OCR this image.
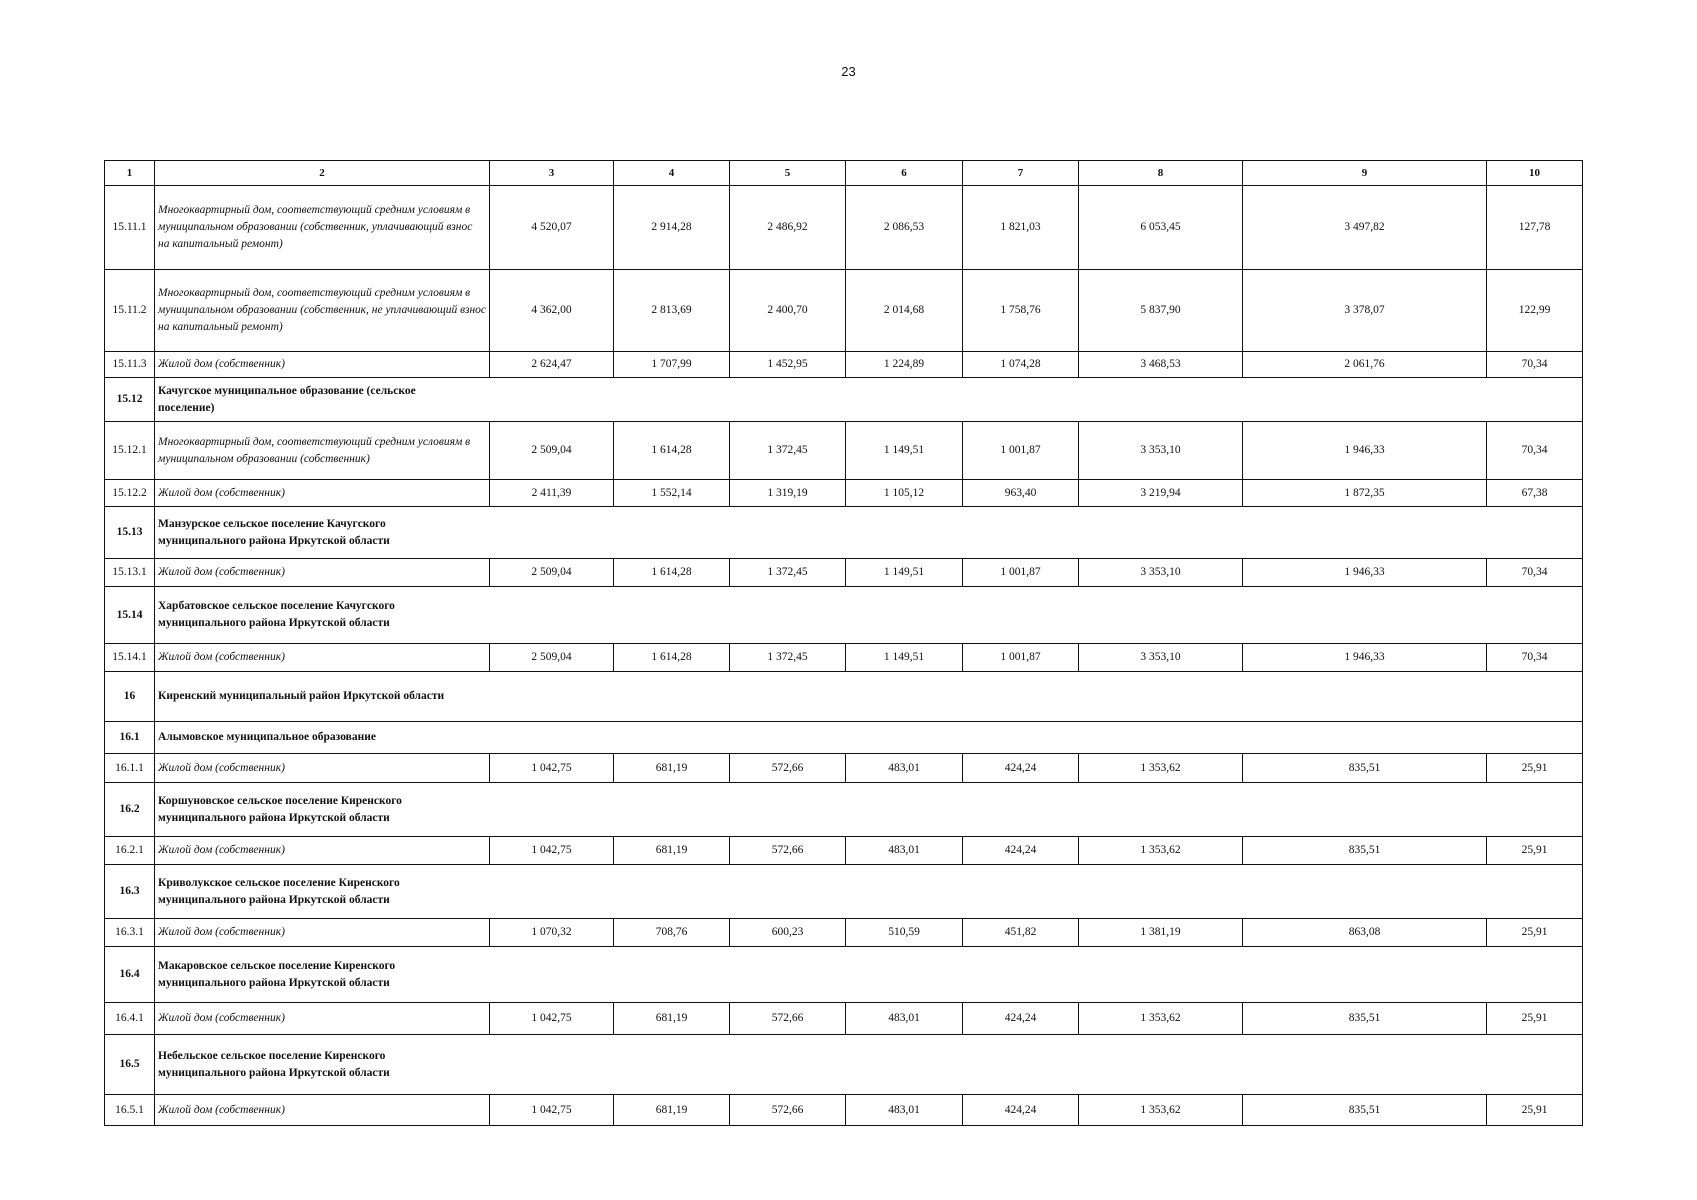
23
1	2	3	4	5	6	7	8	9	10
15.11.1	Многоквартирный дом, соответствующий средним условиям в муниципальном образовании (собственник, уплачивающий взнос на капитальный ремонт)	4 520,07	2 914,28	2 486,92	2 086,53	1 821,03	6 053,45	3 497,82	127,78
15.11.2	Многоквартирный дом, соответствующий средним условиям в муниципальном образовании (собственник, не уплачивающий взнос на капитальный ремонт)	4 362,00	2 813,69	2 400,70	2 014,68	1 758,76	5 837,90	3 378,07	122,99
15.11.3	Жилой дом (собственник)	2 624,47	1 707,99	1 452,95	1 224,89	1 074,28	3 468,53	2 061,76	70,34
15.12	Качугское муниципальное образование (сельское поселение)								

15.12.1	Многоквартирный дом, соответствующий средним условиям в муниципальном образовании (собственник)	2 509,04	1 614,28	1 372,45	1 149,51	1 001,87	3 353,10	1 946,33	70,34
15.12.2	Жилой дом (собственник)	2 411,39	1 552,14	1 319,19	1 105,12	963,40	3 219,94	1 872,35	67,38
15.13	Манзурское сельское поселение Качугского муниципального района Иркутской области								

15.13.1	Жилой дом (собственник)	2 509,04	1 614,28	1 372,45	1 149,51	1 001,87	3 353,10	1 946,33	70,34
15.14	Харбатовское сельское поселение Качугского муниципального района Иркутской области								

15.14.1	Жилой дом (собственник)	2 509,04	1 614,28	1 372,45	1 149,51	1 001,87	3 353,10	1 946,33	70,34
16	Киренский муниципальный район Иркутской области								

16.1	Алымовское муниципальное образование								

16.1.1	Жилой дом (собственник)	1 042,75	681,19	572,66	483,01	424,24	1 353,62	835,51	25,91
16.2	Коршуновское сельское поселение Киренского муниципального района Иркутской области								

16.2.1	Жилой дом (собственник)	1 042,75	681,19	572,66	483,01	424,24	1 353,62	835,51	25,91
16.3	Криволукское сельское поселение Киренского муниципального района Иркутской области								

16.3.1	Жилой дом (собственник)	1 070,32	708,76	600,23	510,59	451,82	1 381,19	863,08	25,91
16.4	Макаровское сельское поселение Киренского муниципального района Иркутской области								

16.4.1	Жилой дом (собственник)	1 042,75	681,19	572,66	483,01	424,24	1 353,62	835,51	25,91
16.5	Небельское сельское поселение Киренского муниципального района Иркутской области								

16.5.1	Жилой дом (собственник)	1 042,75	681,19	572,66	483,01	424,24	1 353,62	835,51	25,91
